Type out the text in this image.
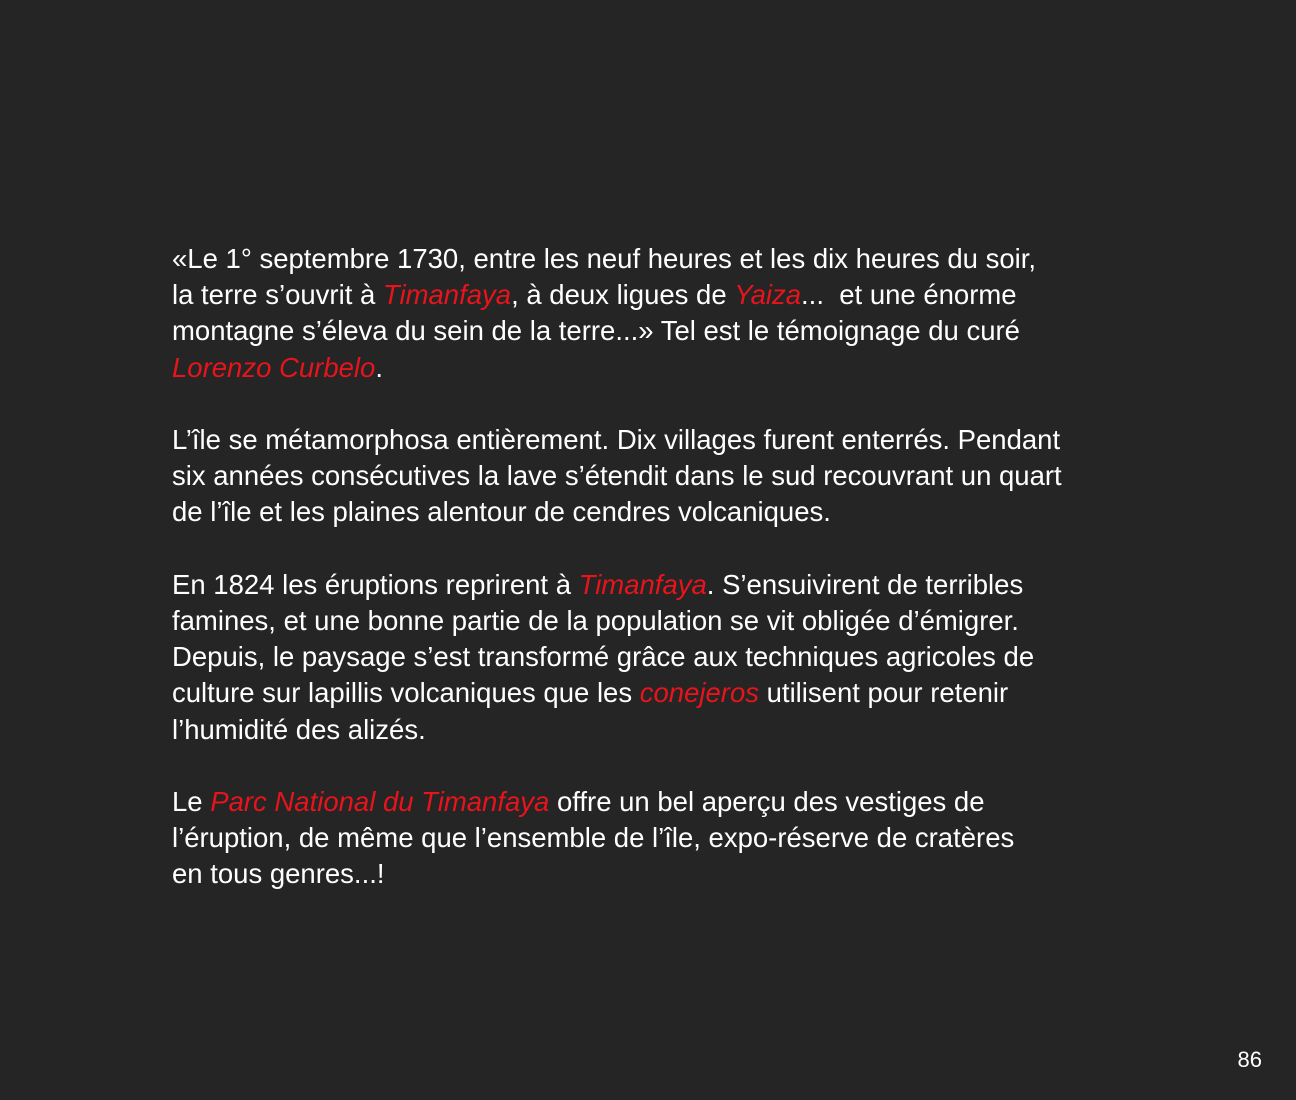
«Le 1° septembre 1730, entre les neuf heures et les dix heures du soir,
la terre s’ouvrit à Timanfaya, à deux ligues de Yaiza...  et une énorme
montagne s’éleva du sein de la terre...» Tel est le témoignage du curé
Lorenzo Curbelo.

L’île se métamorphosa entièrement. Dix villages furent enterrés. Pendant
six années consécutives la lave s’étendit dans le sud recouvrant un quart
de l’île et les plaines alentour de cendres volcaniques.

En 1824 les éruptions reprirent à Timanfaya. S’ensuivirent de terribles
famines, et une bonne partie de la population se vit obligée d’émigrer.
Depuis, le paysage s’est transformé grâce aux techniques agricoles de
culture sur lapillis volcaniques que les conejeros utilisent pour retenir
l’humidité des alizés.

Le Parc National du Timanfaya offre un bel aperçu des vestiges de
l’éruption, de même que l’ensemble de l’île, expo-réserve de cratères
en tous genres...!

86
